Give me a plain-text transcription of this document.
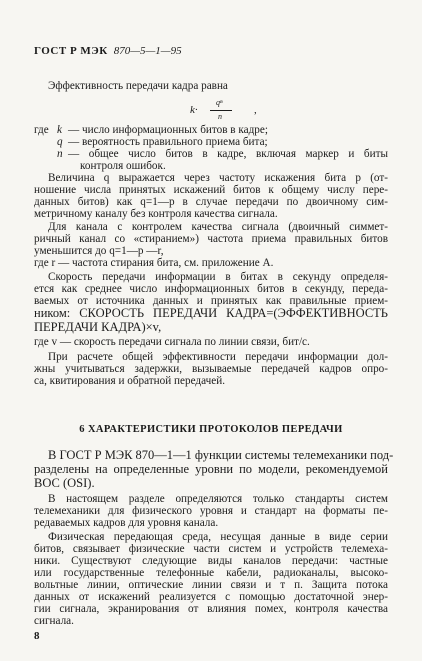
ГОСТ Р МЭК 870—5—1—95
Эффективность передачи кадра равна
k·
qⁿ
n
,
где k — число информационных битов в кадре;
q — вероятность правильного приема бита;
n — общее число битов в кадре, включая маркер и биты
контроля ошибок.
Величина q выражается через частоту искажения бита p (от-
ношение числа принятых искажений битов к общему числу пере-
данных битов) как q=1—p в случае передачи по двоичному сим-
метричному каналу без контроля качества сигнала.
Для канала с контролем качества сигнала (двоичный симмет-
ричный канал со «стиранием») частота приема правильных битов
уменьшится до q=1—p —r,
где r — частота стирания бита, см. приложение А.
Скорость передачи информации в битах в секунду определя-
ется как среднее число информационных битов в секунду, переда-
ваемых от источника данных и принятых как правильные прием-
ником: СКОРОСТЬ ПЕРЕДАЧИ КАДРА=(ЭФФЕКТИВНОСТЬ
ПЕРЕДАЧИ КАДРА)×v,
где v — скорость передачи сигнала по линии связи, бит/с.
При расчете общей эффективности передачи информации дол-
жны учитываться задержки, вызываемые передачей кадров опро-
са, квитирования и обратной передачей.
6 ХАРАКТЕРИСТИКИ ПРОТОКОЛОВ ПЕРЕДАЧИ
В ГОСТ Р МЭК 870—1—1 функции системы телемеханики под-
разделены на определенные уровни по модели, рекомендуемой
ВОС (OSI).
В настоящем разделе определяются только стандарты систем
телемеханики для физического уровня и стандарт на форматы пе-
редаваемых кадров для уровня канала.
Физическая передающая среда, несущая данные в виде серии
битов, связывает физические части систем и устройств телемеха-
ники. Существуют следующие виды каналов передачи: частные
или государственные телефонные кабели, радиоканалы, высоко-
вольтные линии, оптические линии связи и т п. Защита потока
данных от искажений реализуется с помощью достаточной энер-
гии сигнала, экранирования от влияния помех, контроля качества
сигнала.
8
